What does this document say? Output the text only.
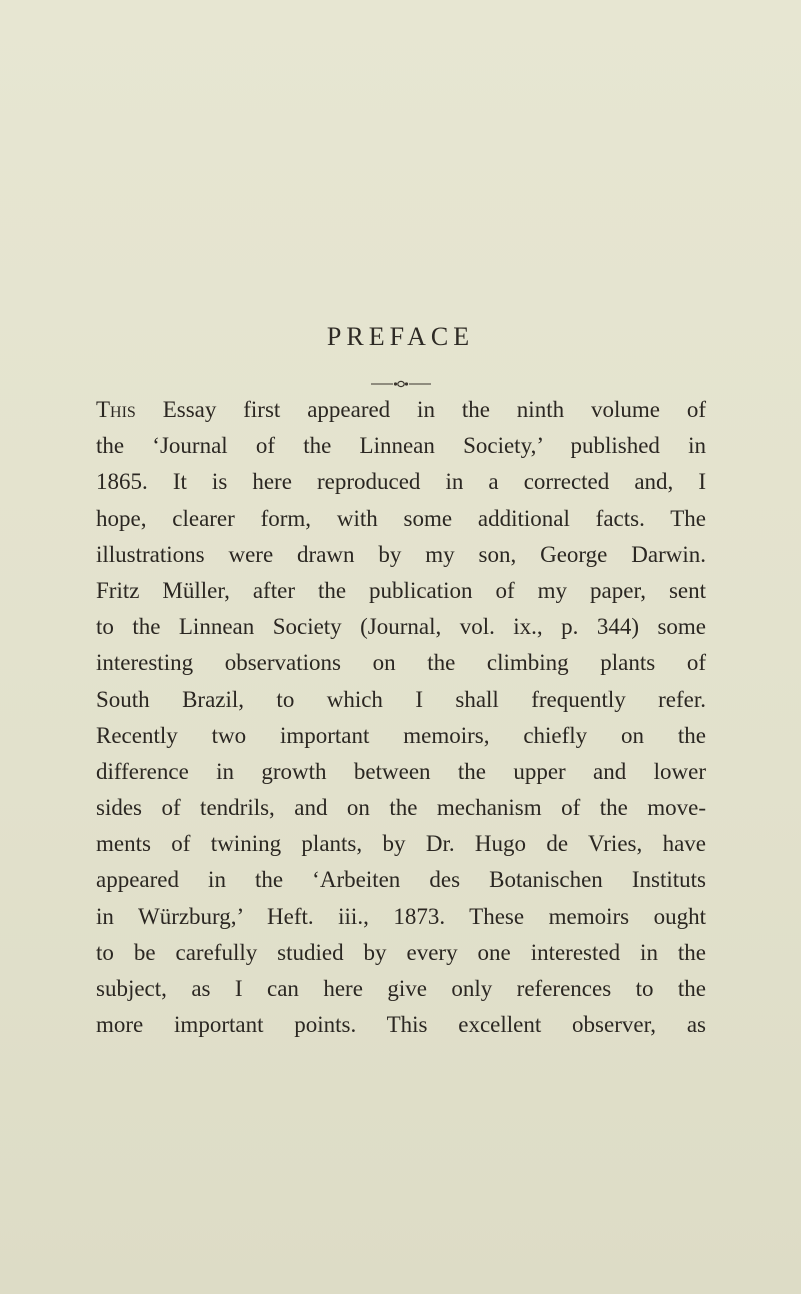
PREFACE
This Essay first appeared in the ninth volume of
the ‘Journal of the Linnean Society,’ published in
1865. It is here reproduced in a corrected and, I
hope, clearer form, with some additional facts. The
illustrations were drawn by my son, George Darwin.
Fritz Müller, after the publication of my paper, sent
to the Linnean Society (Journal, vol. ix., p. 344) some
interesting observations on the climbing plants of
South Brazil, to which I shall frequently refer.
Recently two important memoirs, chiefly on the
difference in growth between the upper and lower
sides of tendrils, and on the mechanism of the move-
ments of twining plants, by Dr. Hugo de Vries, have
appeared in the ‘Arbeiten des Botanischen Instituts
in Würzburg,’ Heft. iii., 1873. These memoirs ought
to be carefully studied by every one interested in the
subject, as I can here give only references to the
more important points. This excellent observer, as
